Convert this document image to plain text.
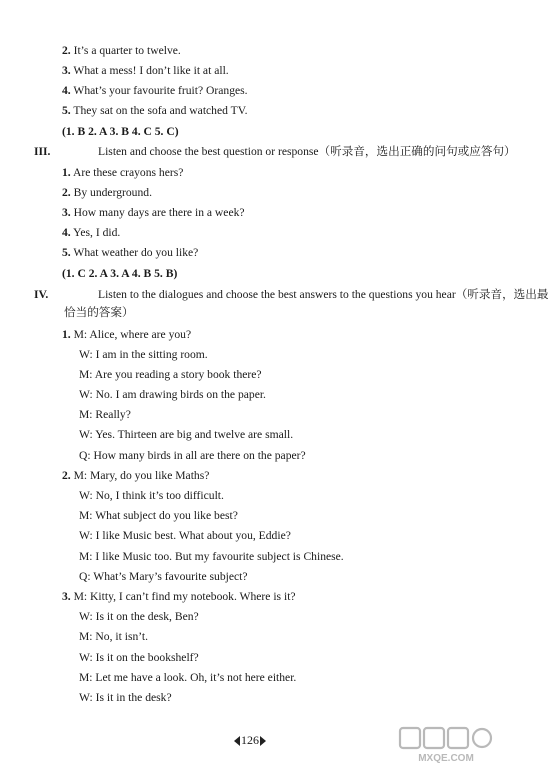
2. It’s a quarter to twelve.
3. What a mess! I don’t like it at all.
4. What’s your favourite fruit? Oranges.
5. They sat on the sofa and watched TV.
(1. B 2. A 3. B 4. C 5. C)
III.	Listen and choose the best question or response（听录音，选出正确的问句或应答句）
1. Are these crayons hers?
2. By underground.
3. How many days are there in a week?
4. Yes, I did.
5. What weather do you like?
(1. C 2. A 3. A 4. B 5. B)
IV.	Listen to the dialogues and choose the best answers to the questions you hear（听录音，选出最
恰当的答案）
1. M: Alice, where are you?
W: I am in the sitting room.
M: Are you reading a story book there?
W: No. I am drawing birds on the paper.
M: Really?
W: Yes. Thirteen are big and twelve are small.
Q: How many birds in all are there on the paper?
2. M: Mary, do you like Maths?
W: No, I think it’s too difficult.
M: What subject do you like best?
W: I like Music best. What about you, Eddie?
M: I like Music too. But my favourite subject is Chinese.
Q: What’s Mary’s favourite subject?
3. M: Kitty, I can’t find my notebook. Where is it?
W: Is it on the desk, Ben?
M: No, it isn’t.
W: Is it on the bookshelf?
M: Let me have a look. Oh, it’s not here either.
W: Is it in the desk?
126
MXQE.COM
